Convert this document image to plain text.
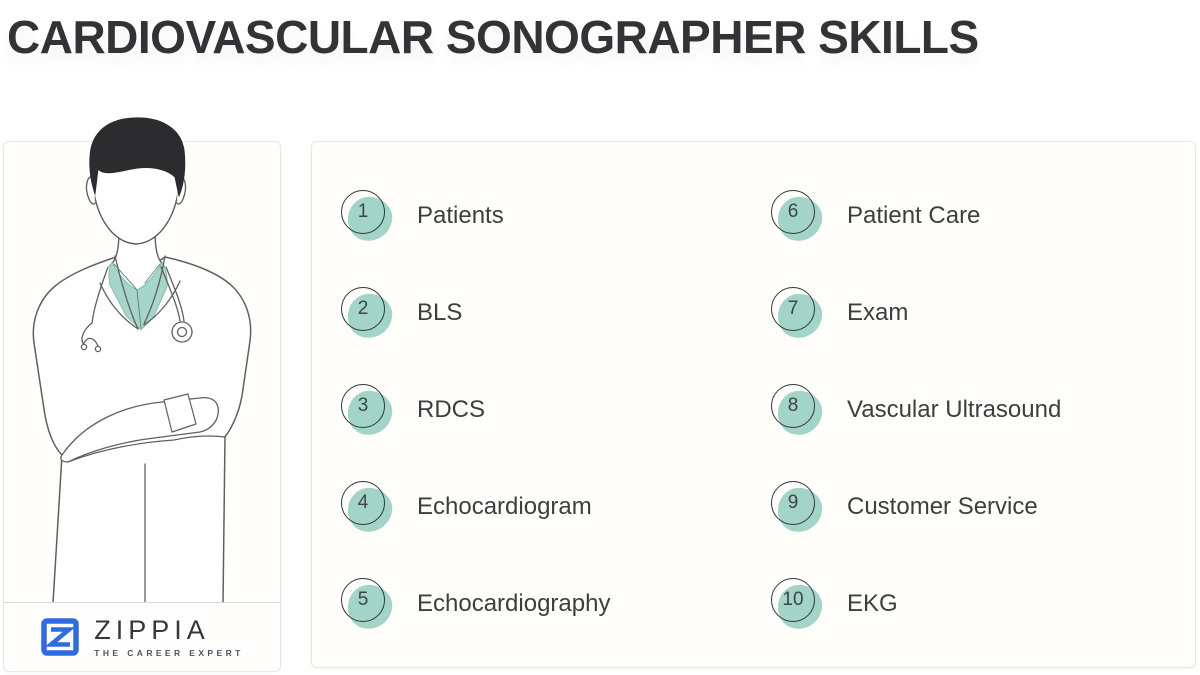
CARDIOVASCULAR SONOGRAPHER SKILLS
ZIPPIA
THE CAREER EXPERT
1 Patients
2 BLS
3 RDCS
4 Echocardiogram
5 Echocardiography
6 Patient Care
7 Exam
8 Vascular Ultrasound
9 Customer Service
10 EKG
